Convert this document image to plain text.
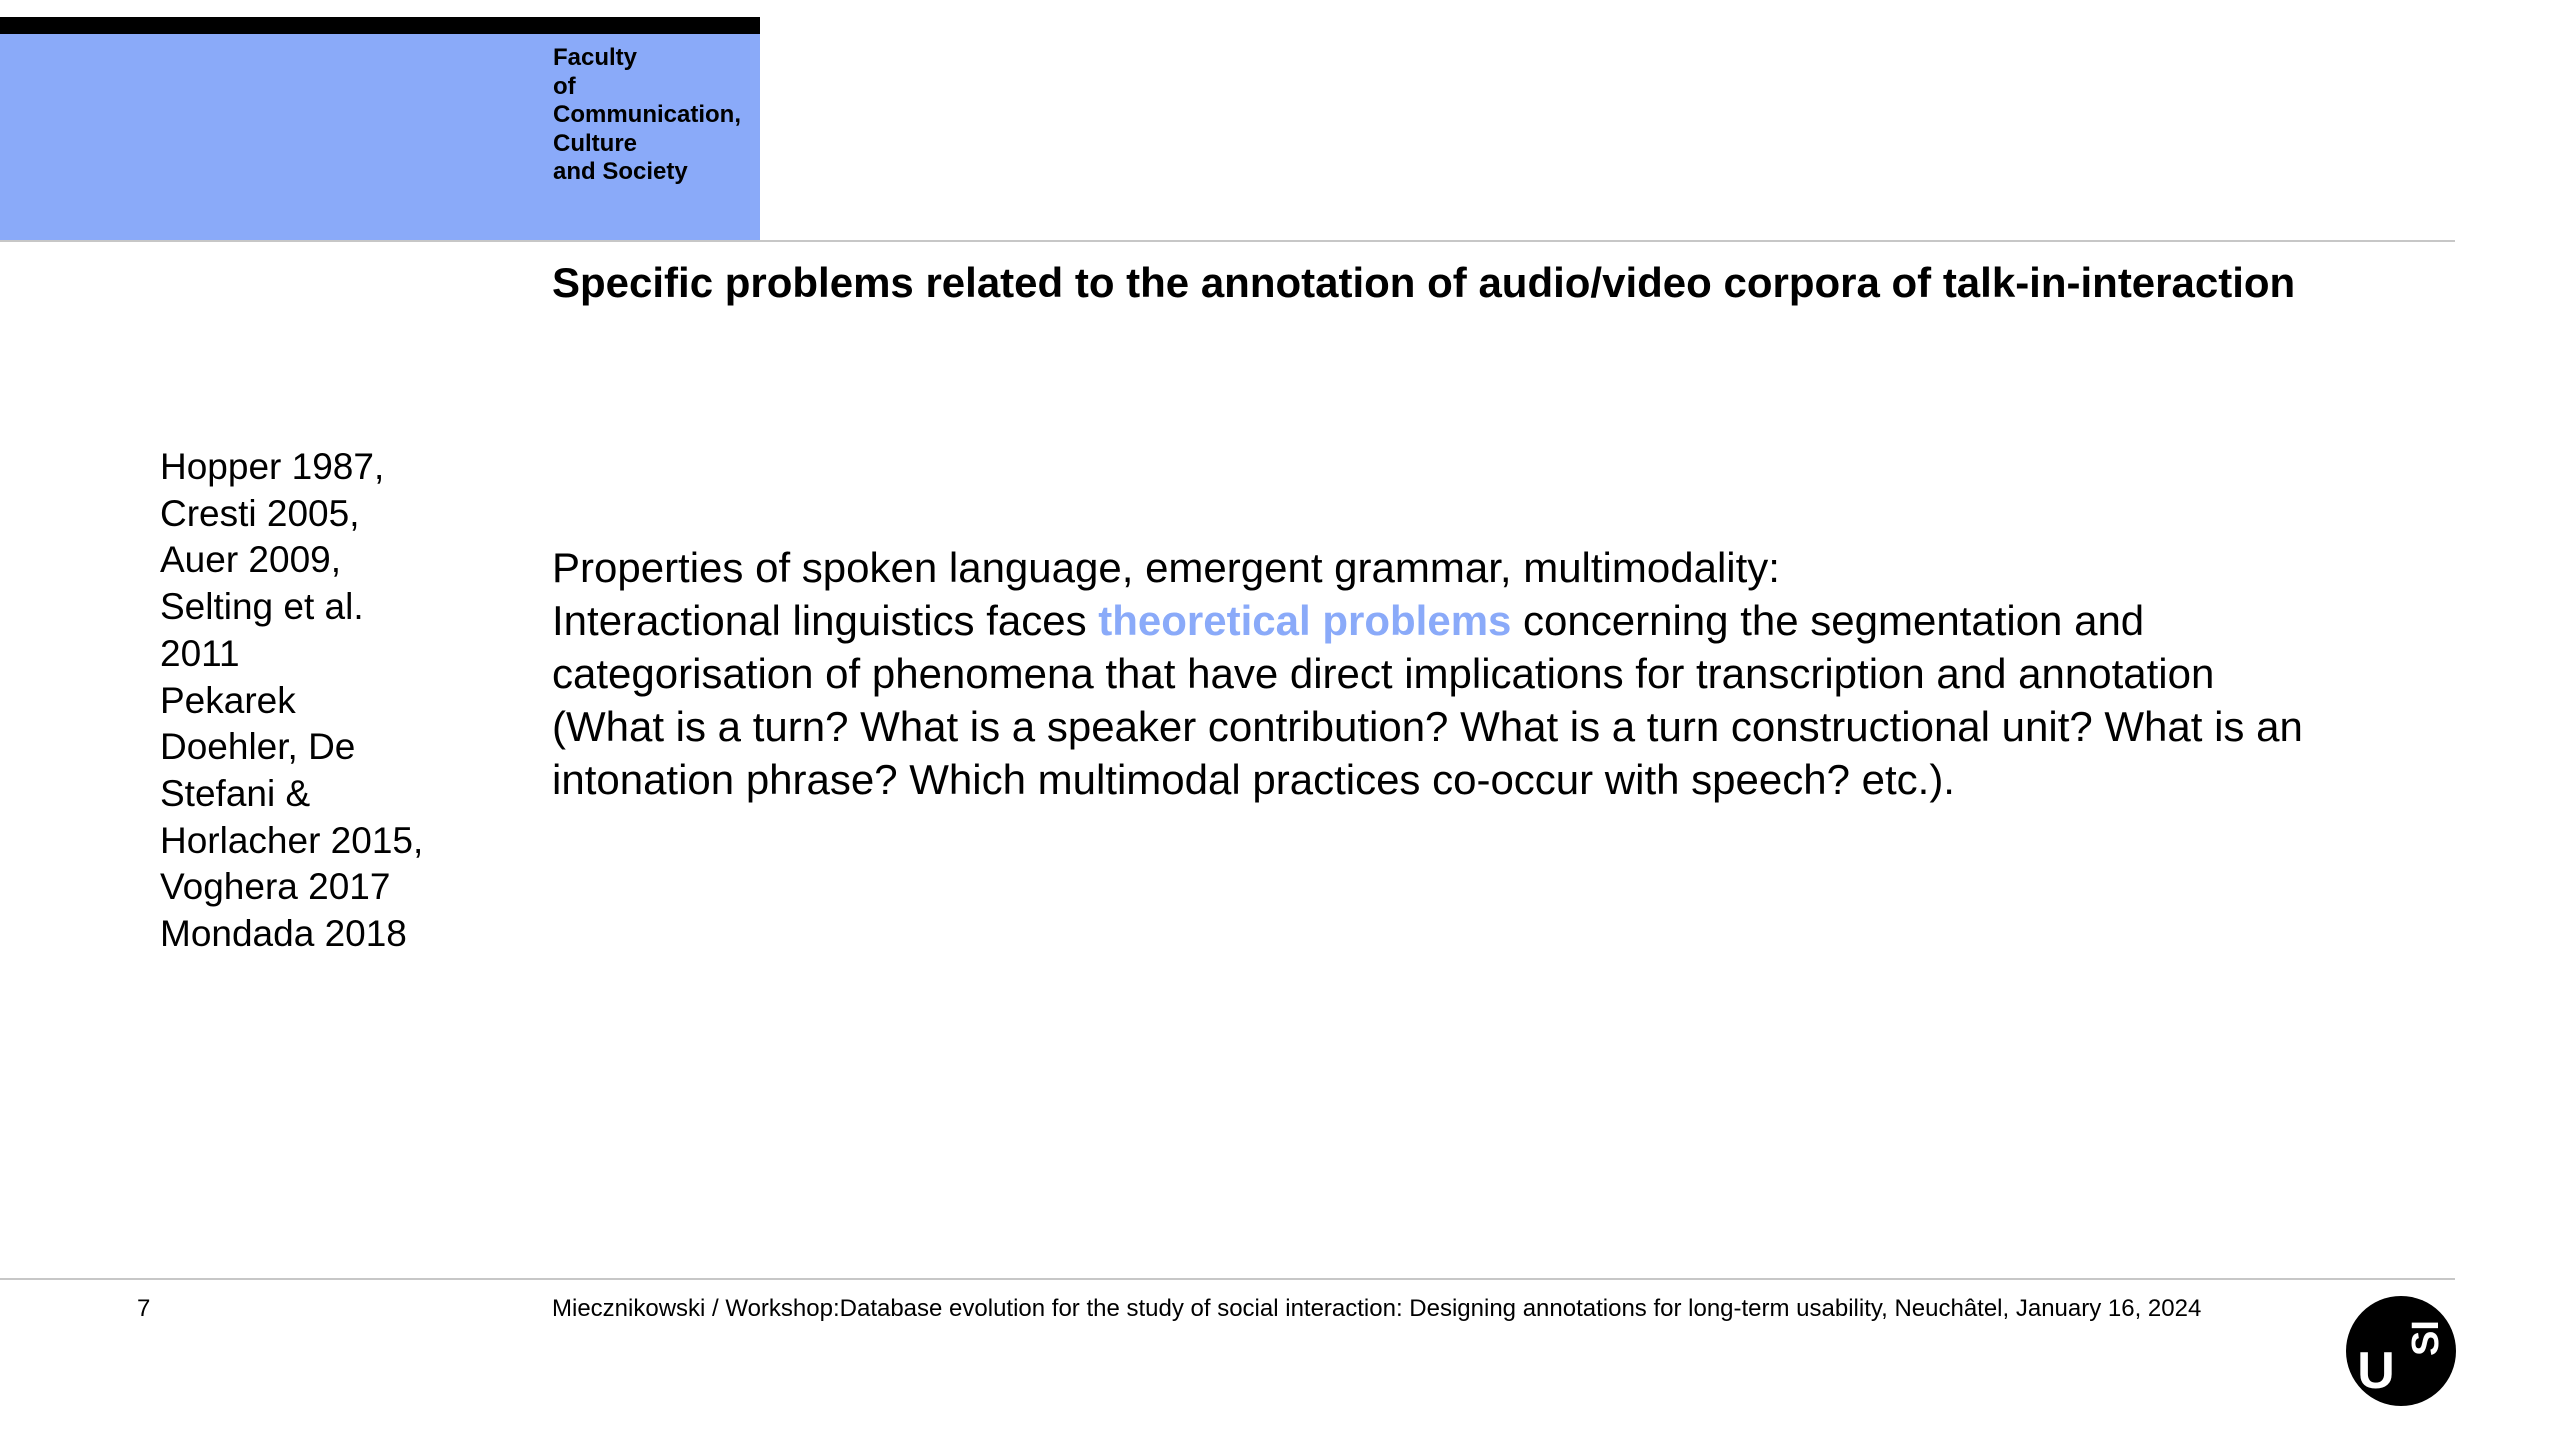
Faculty
of
Communication,
Culture
and Society
Specific problems related to the annotation of audio/video corpora of talk-in-interaction
Hopper 1987,
Cresti 2005,
Auer 2009,
Selting et al.
2011
Pekarek
Doehler, De
Stefani &
Horlacher 2015,
Voghera 2017
Mondada 2018
Properties of spoken language, emergent grammar, multimodality:
Interactional linguistics faces theoretical problems concerning the segmentation and
categorisation of phenomena that have direct implications for transcription and annotation
(What is a turn? What is a speaker contribution? What is a turn constructional unit? What is an
intonation phrase? Which multimodal practices co-occur with speech? etc.).
7	Miecznikowski / Workshop:Database evolution for the study of social interaction: Designing annotations for long-term usability, Neuchâtel, January 16, 2024
U SI
